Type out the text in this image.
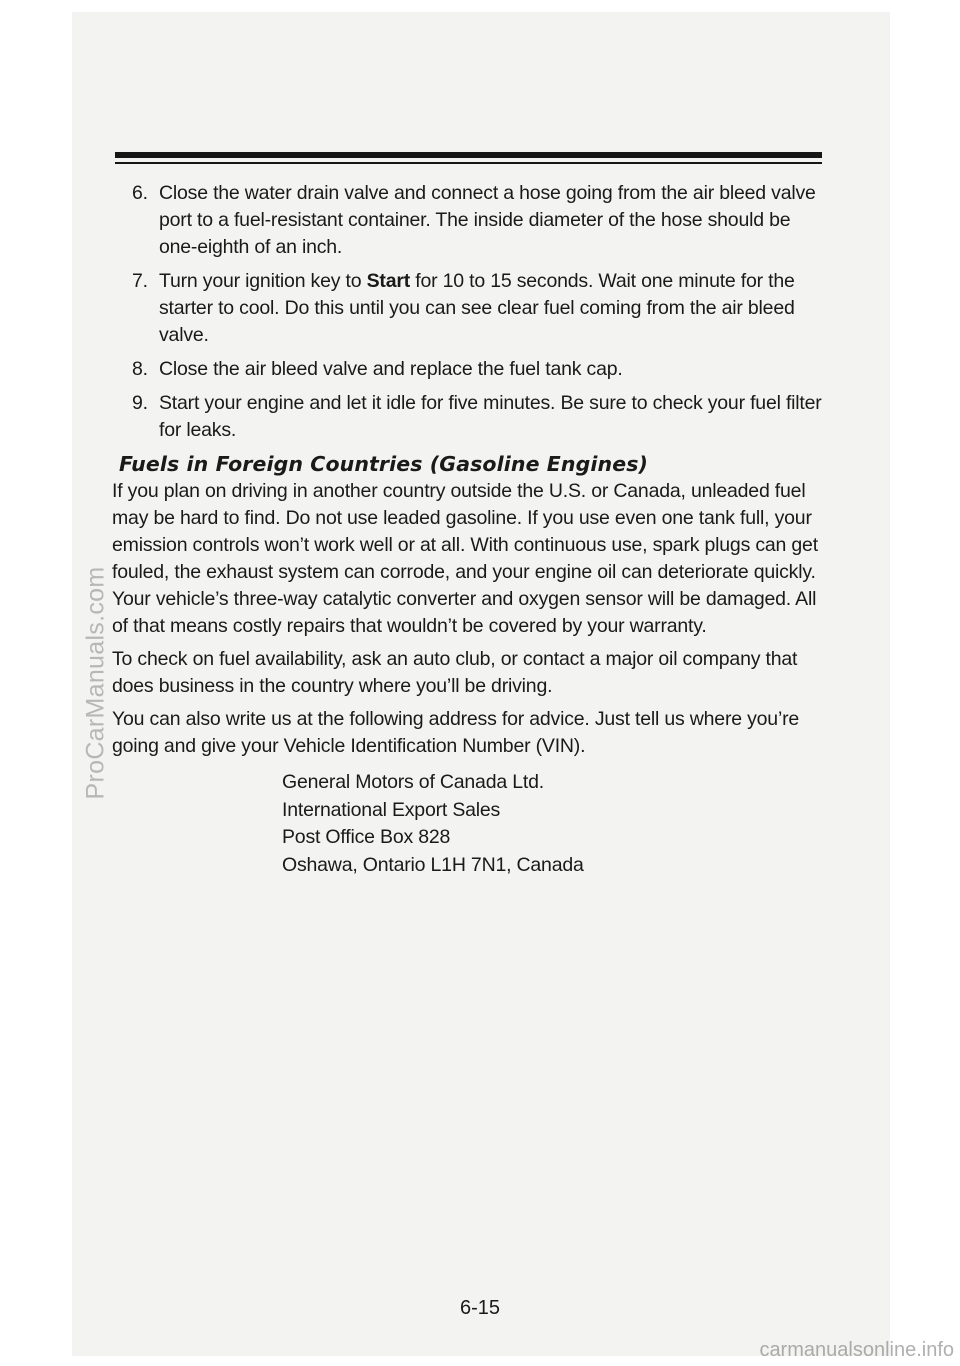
6. Close the water drain valve and connect a hose going from the air bleed valve port to a fuel-resistant container. The inside diameter of the hose should be one-eighth of an inch.
7. Turn your ignition key to Start for 10 to 15 seconds. Wait one minute for the starter to cool. Do this until you can see clear fuel coming from the air bleed valve.
8. Close the air bleed valve and replace the fuel tank cap.
9. Start your engine and let it idle for five minutes. Be sure to check your fuel filter for leaks.
Fuels in Foreign Countries (Gasoline Engines)

If you plan on driving in another country outside the U.S. or Canada, unleaded fuel may be hard to find. Do not use leaded gasoline. If you use even one tank full, your emission controls won’t work well or at all. With continuous use, spark plugs can get fouled, the exhaust system can corrode, and your engine oil can deteriorate quickly. Your vehicle’s three-way catalytic converter and oxygen sensor will be damaged. All of that means costly repairs that wouldn’t be covered by your warranty.

To check on fuel availability, ask an auto club, or contact a major oil company that does business in the country where you’ll be driving.

You can also write us at the following address for advice. Just tell us where you’re going and give your Vehicle Identification Number (VIN).

General Motors of Canada Ltd.
International Export Sales
Post Office Box 828
Oshawa, Ontario L1H 7N1, Canada
6-15
ProCarManuals.com
carmanualsonline.info
